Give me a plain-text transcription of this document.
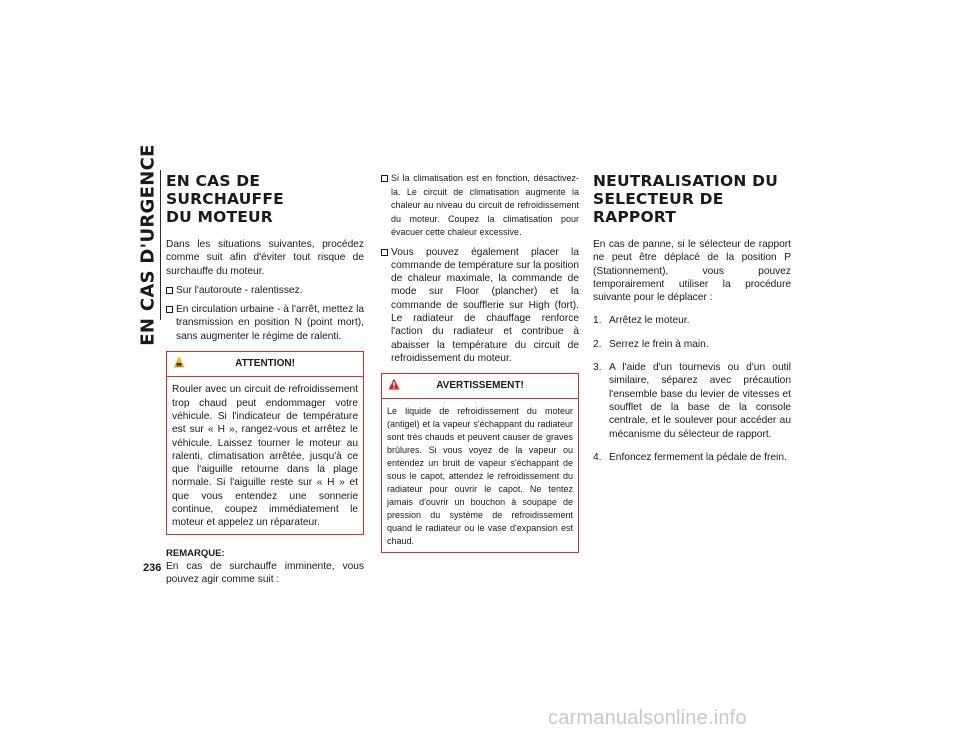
EN CAS D'URGENCE
236
EN CAS DE SURCHAUFFE
DU MOTEUR

Dans les situations suivantes, procédez comme suit afin d'éviter tout risque de surchauffe du moteur.

Sur l'autoroute - ralentissez.
En circulation urbaine - à l'arrêt, mettez la transmission en position N (point mort), sans augmenter le régime de ralenti.
ATTENTION!
Rouler avec un circuit de refroidissement trop chaud peut endommager votre véhicule. Si l'indicateur de température est sur « H », rangez-vous et arrêtez le véhicule. Laissez tourner le moteur au ralenti, climatisation arrêtée, jusqu'à ce que l'aiguille retourne dans la plage normale. Si l'aiguille reste sur « H » et que vous entendez une sonnerie continue, coupez immédiatement le moteur et appelez un réparateur.
REMARQUE:

En cas de surchauffe imminente, vous pouvez agir comme suit :

Si la climatisation est en fonction, désactivez-la. Le circuit de climatisation augmente la chaleur au niveau du circuit de refroidissement du moteur. Coupez la climatisation pour évacuer cette chaleur excessive.
Vous pouvez également placer la commande de température sur la position de chaleur maximale, la commande de mode sur Floor (plancher) et la commande de soufflerie sur High (fort). Le radiateur de chauffage renforce l'action du radiateur et contribue à abaisser la température du circuit de refroidissement du moteur.
AVERTISSEMENT!
Le liquide de refroidissement du moteur (antigel) et la vapeur s'échappant du radiateur sont très chauds et peuvent causer de graves brûlures. Si vous voyez de la vapeur ou entendez un bruit de vapeur s'échappant de sous le capot, attendez le refroidissement du radiateur pour ouvrir le capot. Ne tentez jamais d'ouvrir un bouchon à soupape de pression du système de refroidissement quand le radiateur ou le vase d'expansion est chaud.
NEUTRALISATION DU
SELECTEUR DE RAPPORT

En cas de panne, si le sélecteur de rapport ne peut être déplacé de la position P (Stationnement), vous pouvez temporairement utiliser la procédure suivante pour le déplacer :

1. Arrêtez le moteur.
2. Serrez le frein à main.
3. A l'aide d'un tournevis ou d'un outil similaire, séparez avec précaution l'ensemble base du levier de vitesses et soufflet de la base de la console centrale, et le soulever pour accéder au mécanisme du sélecteur de rapport.
4. Enfoncez fermement la pédale de frein.
carmanualsonline.info
